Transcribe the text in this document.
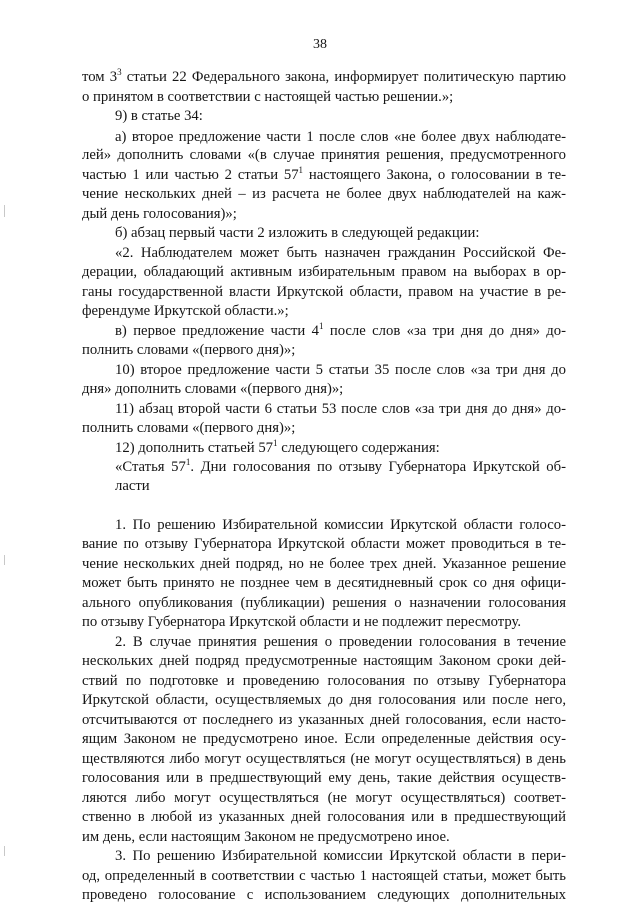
38
том $3^3$ статьи 22 Федерального закона, информирует политическую партию
о принятом в соответствии с настоящей частью решении.»;
9) в статье 34:
а) второе предложение части 1 после слов «не более двух наблюдате-
лей» дополнить словами «(в случае принятия решения, предусмотренного
частью 1 или частью 2 статьи $57^1$ настоящего Закона, о голосовании в те-
чение нескольких дней – из расчета не более двух наблюдателей на каж-
дый день голосования)»;
б) абзац первый части 2 изложить в следующей редакции:
«2. Наблюдателем может быть назначен гражданин Российской Фе-
дерации, обладающий активным избирательным правом на выборах в ор-
ганы государственной власти Иркутской области, правом на участие в ре-
ферендуме Иркутской области.»;
в) первое предложение части $4^1$ после слов «за три дня до дня» до-
полнить словами «(первого дня)»;
10) второе предложение части 5 статьи 35 после слов «за три дня до
дня» дополнить словами «(первого дня)»;
11) абзац второй части 6 статьи 53 после слов «за три дня до дня» до-
полнить словами «(первого дня)»;
12) дополнить статьей $57^1$ следующего содержания:
«Статья $57^1$. Дни голосования по отзыву Губернатора Иркутской об-
ласти
1. По решению Избирательной комиссии Иркутской области голосо-
вание по отзыву Губернатора Иркутской области может проводиться в те-
чение нескольких дней подряд, но не более трех дней. Указанное решение
может быть принято не позднее чем в десятидневный срок со дня офици-
ального опубликования (публикации) решения о назначении голосования
по отзыву Губернатора Иркутской области и не подлежит пересмотру.
2. В случае принятия решения о проведении голосования в течение
нескольких дней подряд предусмотренные настоящим Законом сроки дей-
ствий по подготовке и проведению голосования по отзыву Губернатора
Иркутской области, осуществляемых до дня голосования или после него,
отсчитываются от последнего из указанных дней голосования, если насто-
ящим Законом не предусмотрено иное. Если определенные действия осу-
ществляются либо могут осуществляться (не могут осуществляться) в день
голосования или в предшествующий ему день, такие действия осуществ-
ляются либо могут осуществляться (не могут осуществляться) соответ-
ственно в любой из указанных дней голосования или в предшествующий
им день, если настоящим Законом не предусмотрено иное.
3. По решению Избирательной комиссии Иркутской области в пери-
од, определенный в соответствии с частью 1 настоящей статьи, может быть
проведено голосование с использованием следующих дополнительных
